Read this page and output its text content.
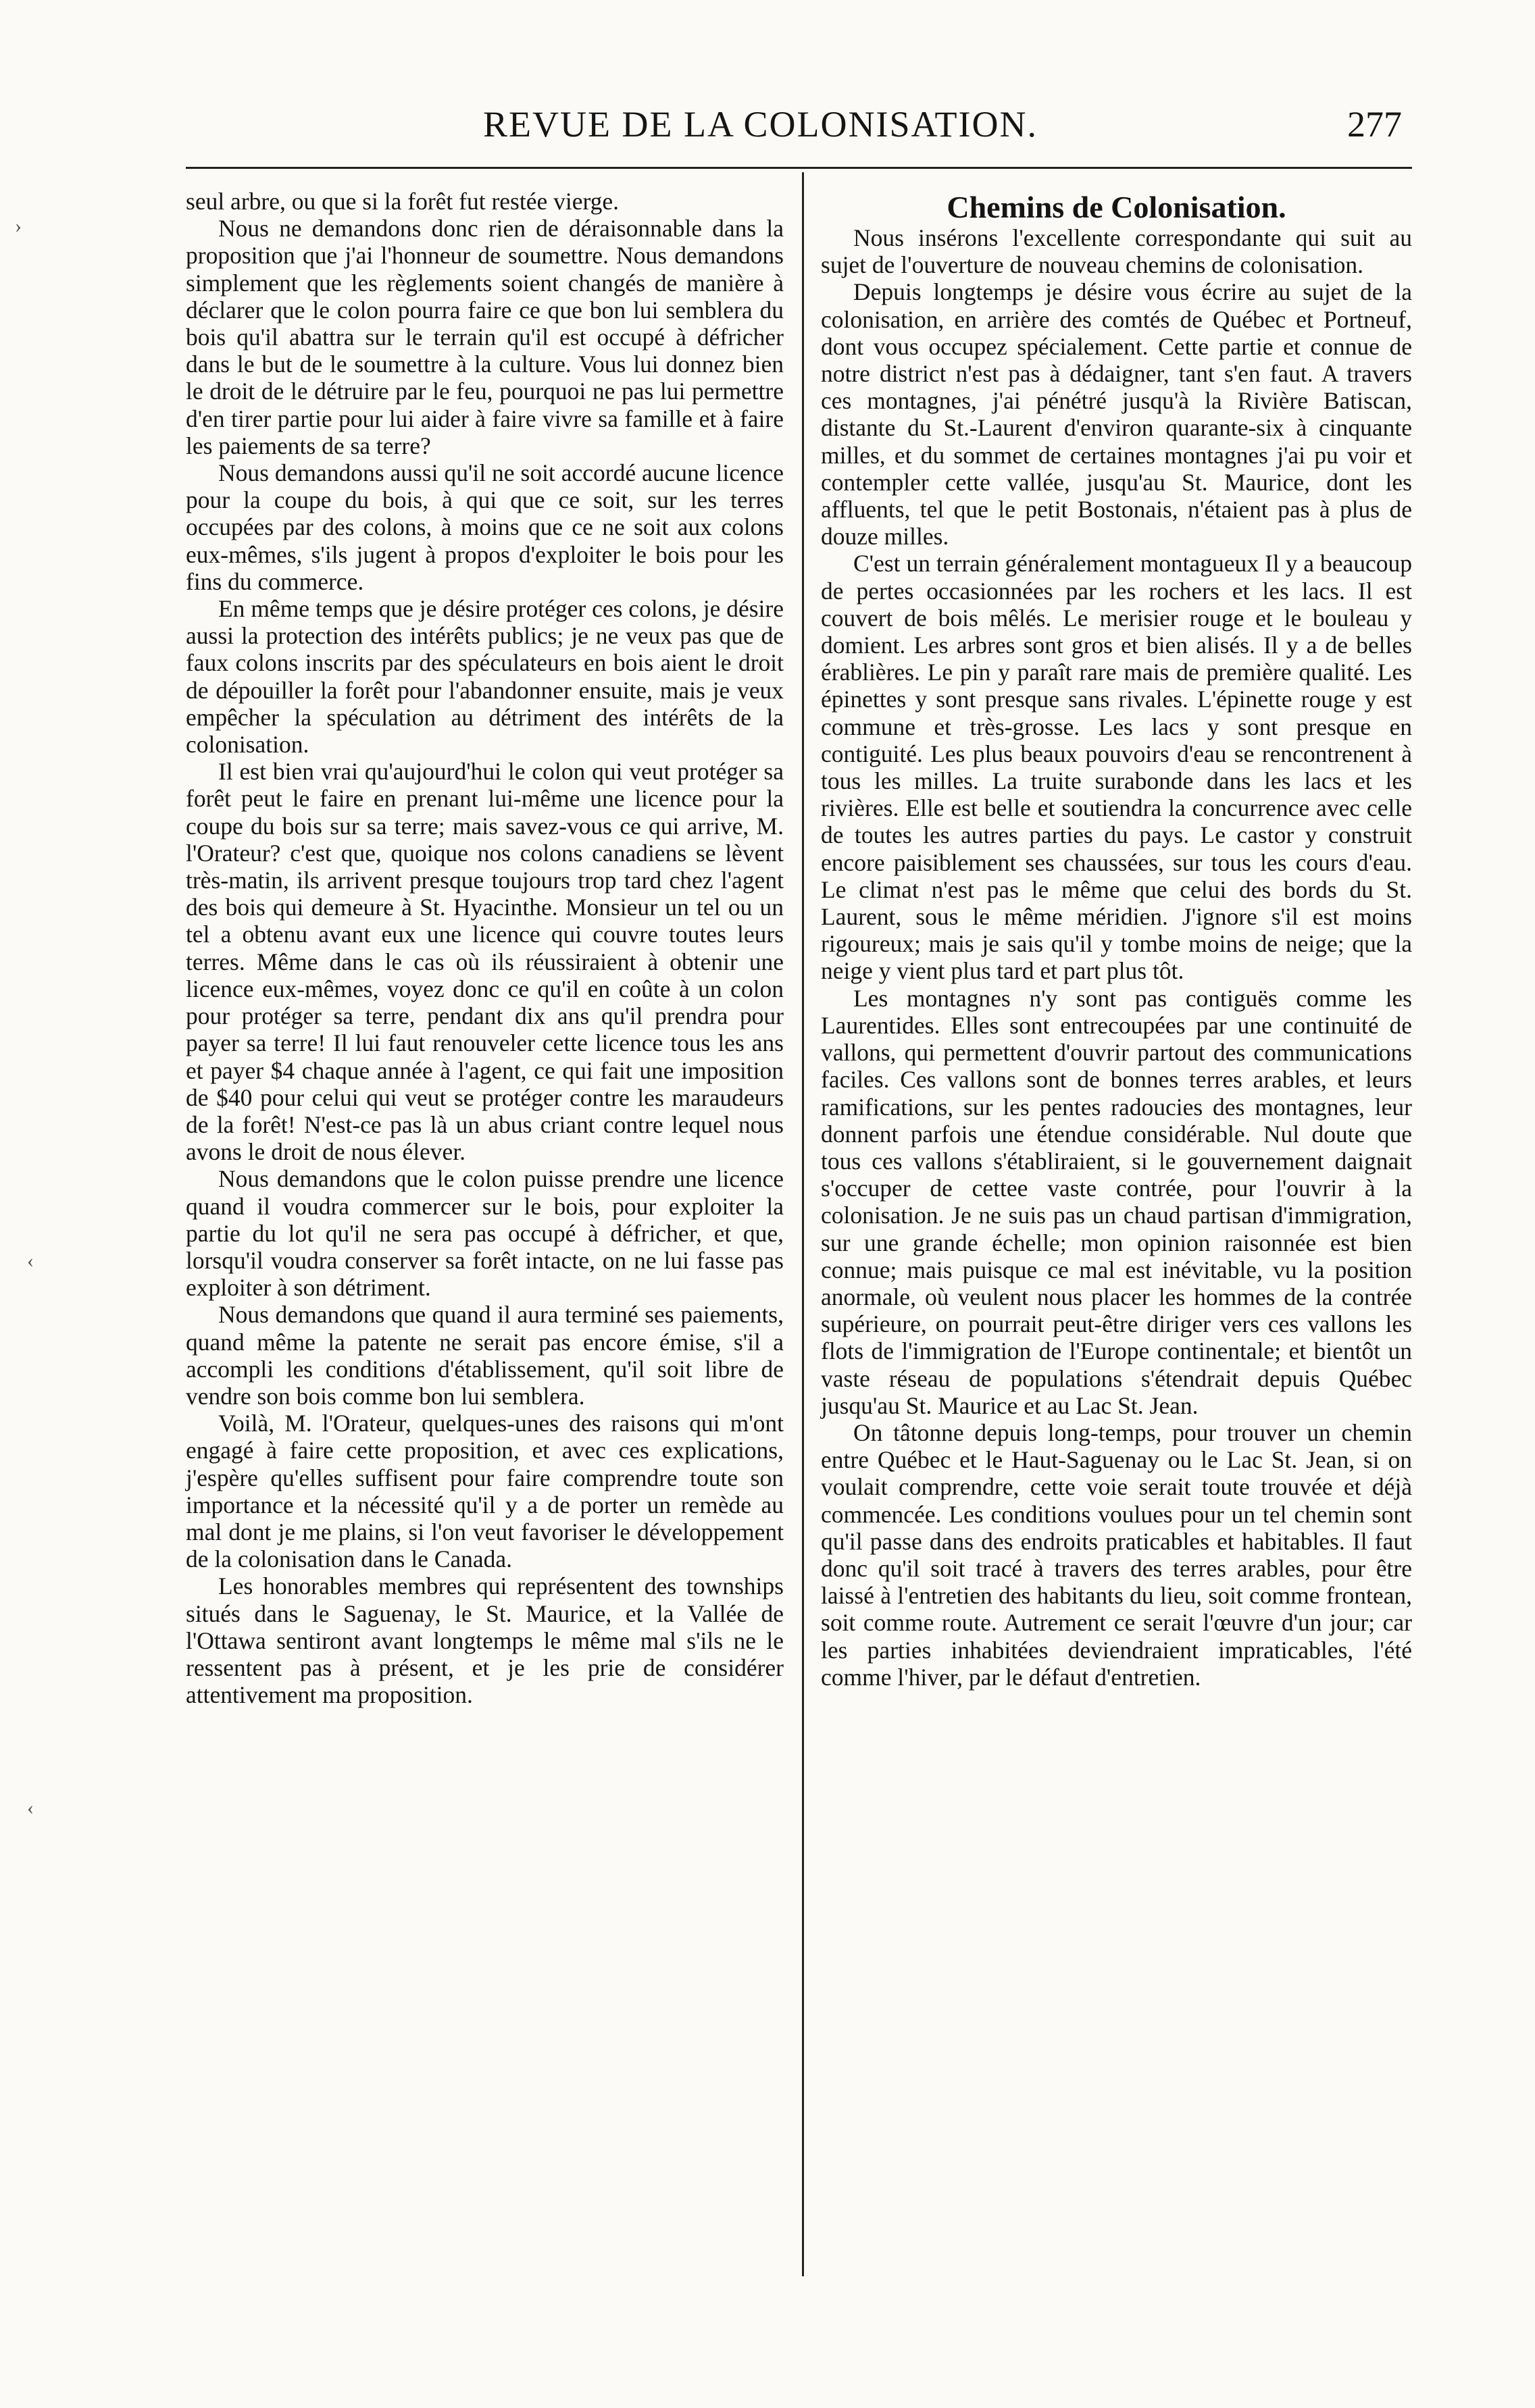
REVUE DE LA COLONISATION.	277
›
‹
‹

seul arbre, ou que si la forêt fut restée vierge.

Nous ne demandons donc rien de déraisonnable dans la proposition que j'ai l'honneur de soumettre. Nous demandons simplement que les règlements soient changés de manière à déclarer que le colon pourra faire ce que bon lui semblera du bois qu'il abattra sur le terrain qu'il est occupé à défricher dans le but de le soumettre à la culture. Vous lui donnez bien le droit de le détruire par le feu, pourquoi ne pas lui permettre d'en tirer partie pour lui aider à faire vivre sa famille et à faire les paiements de sa terre?

Nous demandons aussi qu'il ne soit accordé aucune licence pour la coupe du bois, à qui que ce soit, sur les terres occupées par des colons, à moins que ce ne soit aux colons eux-mêmes, s'ils jugent à propos d'exploiter le bois pour les fins du commerce.

En même temps que je désire protéger ces colons, je désire aussi la protection des intérêts publics; je ne veux pas que de faux colons inscrits par des spéculateurs en bois aient le droit de dépouiller la forêt pour l'abandonner ensuite, mais je veux empêcher la spéculation au détriment des intérêts de la colonisation.

Il est bien vrai qu'aujourd'hui le colon qui veut protéger sa forêt peut le faire en prenant lui-même une licence pour la coupe du bois sur sa terre; mais savez-vous ce qui arrive, M. l'Orateur? c'est que, quoique nos colons canadiens se lèvent très-matin, ils arrivent presque toujours trop tard chez l'agent des bois qui demeure à St. Hyacinthe. Monsieur un tel ou un tel a obtenu avant eux une licence qui couvre toutes leurs terres. Même dans le cas où ils réussiraient à obtenir une licence eux-mêmes, voyez donc ce qu'il en coûte à un colon pour protéger sa terre, pendant dix ans qu'il prendra pour payer sa terre! Il lui faut renouveler cette licence tous les ans et payer $4 chaque année à l'agent, ce qui fait une imposition de $40 pour celui qui veut se protéger contre les maraudeurs de la forêt! N'est-ce pas là un abus criant contre lequel nous avons le droit de nous élever.

Nous demandons que le colon puisse prendre une licence quand il voudra commercer sur le bois, pour exploiter la partie du lot qu'il ne sera pas occupé à défricher, et que, lorsqu'il voudra conserver sa forêt intacte, on ne lui fasse pas exploiter à son détriment.

Nous demandons que quand il aura terminé ses paiements, quand même la patente ne serait pas encore émise, s'il a accompli les conditions d'établissement, qu'il soit libre de vendre son bois comme bon lui semblera.

Voilà, M. l'Orateur, quelques-unes des raisons qui m'ont engagé à faire cette proposition, et avec ces explications, j'espère qu'elles suffisent pour faire comprendre toute son importance et la nécessité qu'il y a de porter un remède au mal dont je me plains, si l'on veut favoriser le développement de la colonisation dans le Canada.

Les honorables membres qui représentent des townships situés dans le Saguenay, le St. Maurice, et la Vallée de l'Ottawa sentiront avant longtemps le même mal s'ils ne le ressentent pas à présent, et je les prie de considérer attentivement ma proposition.

Chemins de Colonisation.

Nous insérons l'excellente correspondante qui suit au sujet de l'ouverture de nouveau chemins de colonisation.

Depuis longtemps je désire vous écrire au sujet de la colonisation, en arrière des comtés de Québec et Portneuf, dont vous occupez spécialement. Cette partie et connue de notre district n'est pas à dédaigner, tant s'en faut. A travers ces montagnes, j'ai pénétré jusqu'à la Rivière Batiscan, distante du St.-Laurent d'environ quarante-six à cinquante milles, et du sommet de certaines montagnes j'ai pu voir et contempler cette vallée, jusqu'au St. Maurice, dont les affluents, tel que le petit Bostonais, n'étaient pas à plus de douze milles.

C'est un terrain généralement montagueux Il y a beaucoup de pertes occasionnées par les rochers et les lacs. Il est couvert de bois mêlés. Le merisier rouge et le bouleau y domient. Les arbres sont gros et bien alisés. Il y a de belles érablières. Le pin y paraît rare mais de première qualité. Les épinettes y sont presque sans rivales. L'épinette rouge y est commune et très-grosse. Les lacs y sont presque en contiguité. Les plus beaux pouvoirs d'eau se rencontrenent à tous les milles. La truite surabonde dans les lacs et les rivières. Elle est belle et soutiendra la concurrence avec celle de toutes les autres parties du pays. Le castor y construit encore paisiblement ses chaussées, sur tous les cours d'eau. Le climat n'est pas le même que celui des bords du St. Laurent, sous le même méridien. J'ignore s'il est moins rigoureux; mais je sais qu'il y tombe moins de neige; que la neige y vient plus tard et part plus tôt.

Les montagnes n'y sont pas contiguës comme les Laurentides. Elles sont entrecoupées par une continuité de vallons, qui permettent d'ouvrir partout des communications faciles. Ces vallons sont de bonnes terres arables, et leurs ramifications, sur les pentes radoucies des montagnes, leur donnent parfois une étendue considérable. Nul doute que tous ces vallons s'établiraient, si le gouvernement daignait s'occuper de cettee vaste contrée, pour l'ouvrir à la colonisation. Je ne suis pas un chaud partisan d'immigration, sur une grande échelle; mon opinion raisonnée est bien connue; mais puisque ce mal est inévitable, vu la position anormale, où veulent nous placer les hommes de la contrée supérieure, on pourrait peut-être diriger vers ces vallons les flots de l'immigration de l'Europe continentale; et bientôt un vaste réseau de populations s'étendrait depuis Québec jusqu'au St. Maurice et au Lac St. Jean.

On tâtonne depuis long-temps, pour trouver un chemin entre Québec et le Haut-Saguenay ou le Lac St. Jean, si on voulait comprendre, cette voie serait toute trouvée et déjà commencée. Les conditions voulues pour un tel chemin sont qu'il passe dans des endroits praticables et habitables. Il faut donc qu'il soit tracé à travers des terres arables, pour être laissé à l'entretien des habitants du lieu, soit comme frontean, soit comme route. Autrement ce serait l'œuvre d'un jour; car les parties inhabitées deviendraient impraticables, l'été comme l'hiver, par le défaut d'entretien.
